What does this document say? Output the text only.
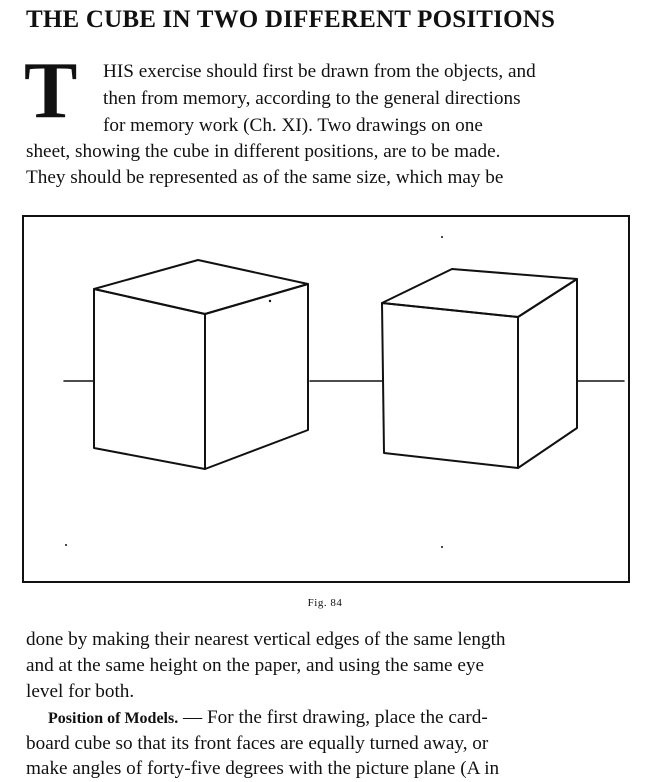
THE CUBE IN TWO DIFFERENT POSITIONS
T HIS exercise should first be drawn from the objects, and
then from memory, according to the general directions
for memory work (Ch. XI). Two drawings on one
sheet, showing the cube in different positions, are to be made.
They should be represented as of the same size, which may be
Fig. 84
done by making their nearest vertical edges of the same length
and at the same height on the paper, and using the same eye
level for both.
Position of Models. — For the first drawing, place the card-
board cube so that its front faces are equally turned away, or
make angles of forty-five degrees with the picture plane (A in
